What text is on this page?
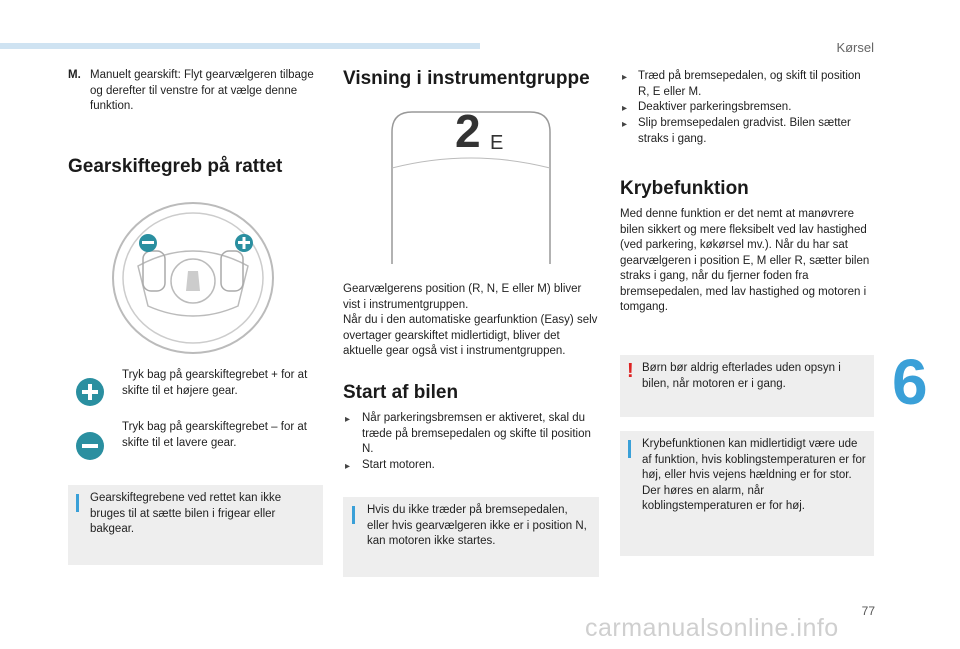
Kørsel
6
M. Manuelt gearskift: Flyt gearvælgeren tilbage og derefter til venstre for at vælge denne funktion.
Gearskiftegreb på rattet
Tryk bag på gearskiftegrebet + for at skifte til et højere gear.
Tryk bag på gearskiftegrebet – for at skifte til et lavere gear.
Gearskiftegrebene ved rettet kan ikke bruges til at sætte bilen i frigear eller bakgear.
Visning i instrumentgruppe
2 E
Gearvælgerens position (R, N, E eller M) bliver vist i instrumentgruppen.
Når du i den automatiske gearfunktion (Easy) selv overtager gearskiftet midlertidigt, bliver det aktuelle gear også vist i instrumentgruppen.
Start af bilen
▸ Når parkeringsbremsen er aktiveret, skal du træde på bremsepedalen og skifte til position N.
▸ Start motoren.
Hvis du ikke træder på bremsepedalen, eller hvis gearvælgeren ikke er i position N, kan motoren ikke startes.
▸ Træd på bremsepedalen, og skift til position R, E eller M.
▸ Deaktiver parkeringsbremsen.
▸ Slip bremsepedalen gradvist. Bilen sætter straks i gang.
Krybefunktion
Med denne funktion er det nemt at manøvrere bilen sikkert og mere fleksibelt ved lav hastighed (ved parkering, køkørsel mv.). Når du har sat gearvælgeren i position E, M eller R, sætter bilen straks i gang, når du fjerner foden fra bremsepedalen, med lav hastighed og motoren i tomgang.
! Børn bør aldrig efterlades uden opsyn i bilen, når motoren er i gang.
Krybefunktionen kan midlertidigt være ude af funktion, hvis koblingstemperaturen er for høj, eller hvis vejens hældning er for stor. Der høres en alarm, når koblingstemperaturen er for høj.
77
carmanualsonline.info
